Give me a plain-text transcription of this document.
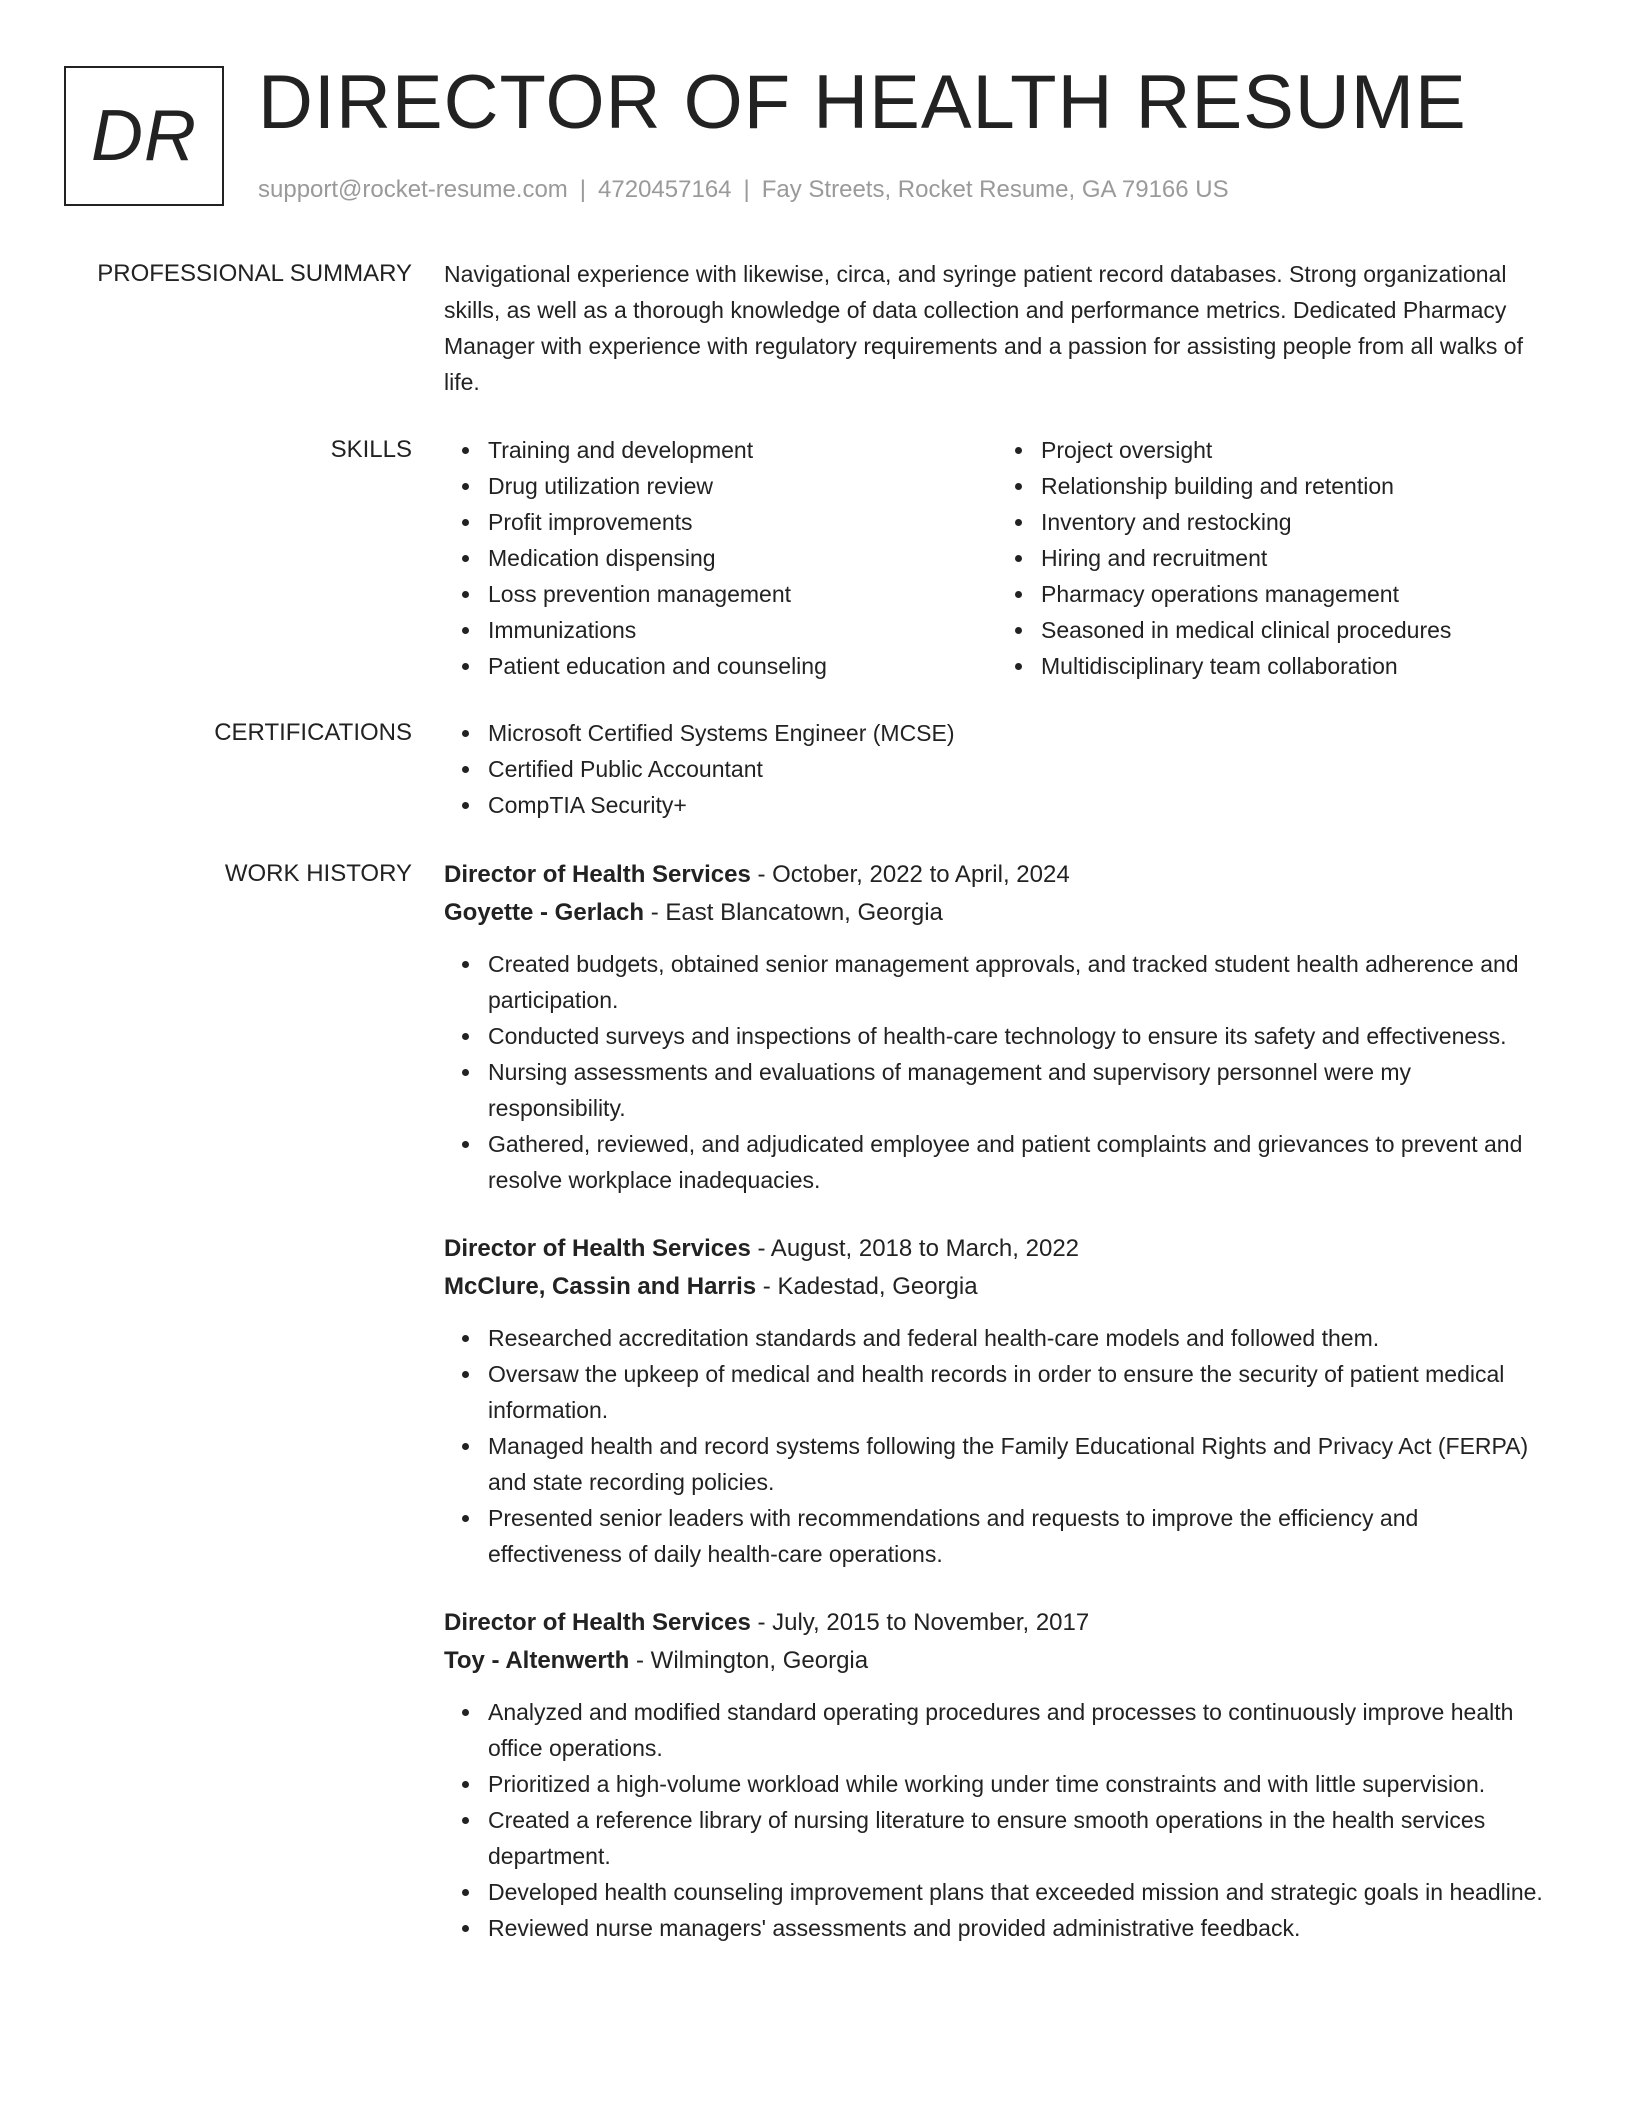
DR DIRECTOR OF HEALTH RESUME
support@rocket-resume.com | 4720457164 | Fay Streets, Rocket Resume, GA 79166 US
PROFESSIONAL SUMMARY Navigational experience with likewise, circa, and syringe patient record databases. Strong organizational skills, as well as a thorough knowledge of data collection and performance metrics. Dedicated Pharmacy Manager with experience with regulatory requirements and a passion for assisting people from all walks of life.
SKILLS	Training and development
Drug utilization review
Profit improvements
Medication dispensing
Loss prevention management
Immunizations
Patient education and counseling
Project oversight
Relationship building and retention
Inventory and restocking
Hiring and recruitment
Pharmacy operations management
Seasoned in medical clinical procedures
Multidisciplinary team collaboration
CERTIFICATIONS	Microsoft Certified Systems Engineer (MCSE)
Certified Public Accountant
CompTIA Security+
WORK HISTORY Director of Health Services - October, 2022 to April, 2024
Goyette - Gerlach - East Blancatown, Georgia
Created budgets, obtained senior management approvals, and tracked student health adherence and participation.
Conducted surveys and inspections of health-care technology to ensure its safety and effectiveness.
Nursing assessments and evaluations of management and supervisory personnel were my responsibility.
Gathered, reviewed, and adjudicated employee and patient complaints and grievances to prevent and resolve workplace inadequacies.
Director of Health Services - August, 2018 to March, 2022
McClure, Cassin and Harris - Kadestad, Georgia
Researched accreditation standards and federal health-care models and followed them.
Oversaw the upkeep of medical and health records in order to ensure the security of patient medical information.
Managed health and record systems following the Family Educational Rights and Privacy Act (FERPA) and state recording policies.
Presented senior leaders with recommendations and requests to improve the efficiency and effectiveness of daily health-care operations.
Director of Health Services - July, 2015 to November, 2017
Toy - Altenwerth - Wilmington, Georgia
Analyzed and modified standard operating procedures and processes to continuously improve health office operations.
Prioritized a high-volume workload while working under time constraints and with little supervision.
Created a reference library of nursing literature to ensure smooth operations in the health services department.
Developed health counseling improvement plans that exceeded mission and strategic goals in headline.
Reviewed nurse managers' assessments and provided administrative feedback.
